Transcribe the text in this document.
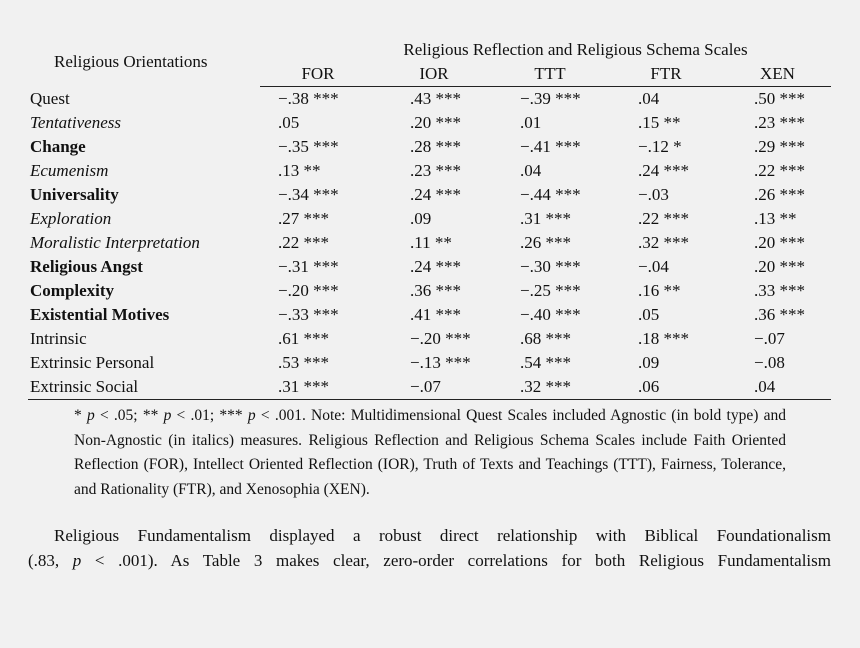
Religious Orientations	Religious Reflection and Religious Schema Scales				
	FOR	IOR	TTT	FTR	XEN
Quest	−.38 ***	.43 ***	−.39 ***	.04	.50 ***
Tentativeness	.05	.20 ***	.01	.15 **	.23 ***
Change	−.35 ***	.28 ***	−.41 ***	−.12 *	.29 ***
Ecumenism	.13 **	.23 ***	.04	.24 ***	.22 ***
Universality	−.34 ***	.24 ***	−.44 ***	−.03	.26 ***
Exploration	.27 ***	.09	.31 ***	.22 ***	.13 **
Moralistic Interpretation	.22 ***	.11 **	.26 ***	.32 ***	.20 ***
Religious Angst	−.31 ***	.24 ***	−.30 ***	−.04	.20 ***
Complexity	−.20 ***	.36 ***	−.25 ***	.16 **	.33 ***
Existential Motives	−.33 ***	.41 ***	−.40 ***	.05	.36 ***
Intrinsic	.61 ***	−.20 ***	.68 ***	.18 ***	−.07
Extrinsic Personal	.53 ***	−.13 ***	.54 ***	.09	−.08
Extrinsic Social	.31 ***	−.07	.32 ***	.06	.04
* p < .05; ** p < .01; *** p < .001. Note: Multidimensional Quest Scales included Agnostic (in bold type) and Non-Agnostic (in italics) measures. Religious Reflection and Religious Schema Scales include Faith Oriented Reflection (FOR), Intellect Oriented Reflection (IOR), Truth of Texts and Teachings (TTT), Fairness, Tolerance, and Rationality (FTR), and Xenosophia (XEN).
Religious Fundamentalism displayed a robust direct relationship with Biblical Foundationalism
(.83, p < .001). As Table 3 makes clear, zero-order correlations for both Religious Fundamentalism
